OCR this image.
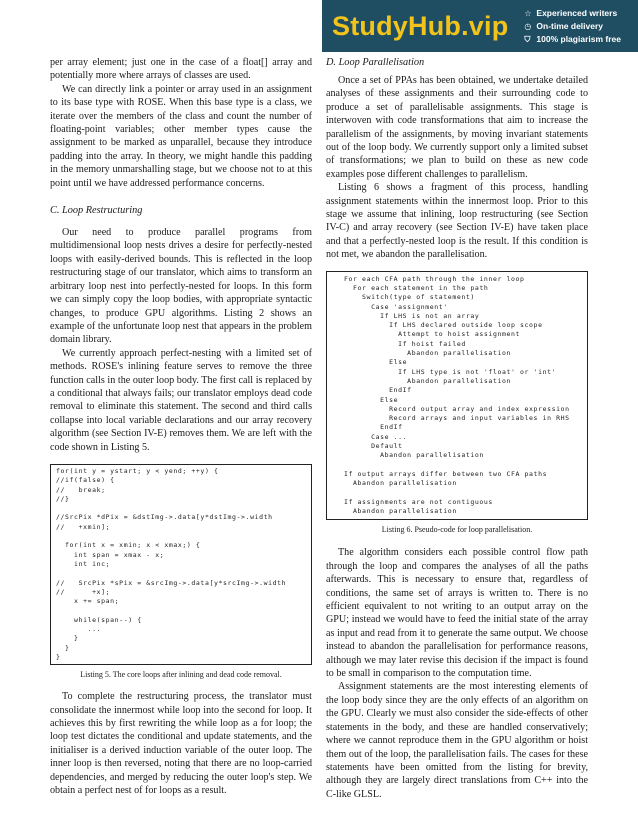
StudyHub.vip ☆ Experienced writers
◷ On-time delivery
⛉ 100% plagiarism free

per array element; just one in the case of a float[] array and potentially more where arrays of classes are used.

We can directly link a pointer or array used in an assignment to its base type with ROSE. When this base type is a class, we iterate over the members of the class and count the number of floating-point variables; other member types cause the assignment to be marked as unparallel, because they introduce padding into the array. In theory, we might handle this padding in the memory unmarshalling stage, but we choose not to at this point until we have addressed performance concerns.

C. Loop Restructuring

Our need to produce parallel programs from multidimensional loop nests drives a desire for perfectly-nested loops with easily-derived bounds. This is reflected in the loop restructuring stage of our translator, which aims to transform an arbitrary loop nest into perfectly-nested for loops. In this form we can simply copy the loop bodies, with appropriate syntactic changes, to produce GPU algorithms. Listing 2 shows an example of the unfortunate loop nest that appears in the problem domain library.

We currently approach perfect-nesting with a limited set of methods. ROSE's inlining feature serves to remove the three function calls in the outer loop body. The first call is replaced by a conditional that always fails; our translator employs dead code removal to eliminate this statement. The second and third calls collapse into local variable declarations and our array recovery algorithm (see Section IV-E) removes them. We are left with the code shown in Listing 5.

for(int y = ystart; y < yend; ++y) {
//if(false) {
//   break;
//}
//SrcPix *dPix = &dstImg->.data[y*dstImg->.width
//   +xmin];
for(int x = xmin; x < xmax;) {
int span = xmax - x;
int inc;
//   SrcPix *sPix = &srcImg->.data[y*srcImg->.width
//      +x];
x += span;
while(span--) {
...
}
}
}

Listing 5. The core loops after inlining and dead code removal.

To complete the restructuring process, the translator must consolidate the innermost while loop into the second for loop. It achieves this by first rewriting the while loop as a for loop; the loop test dictates the conditional and update statements, and the initialiser is a derived induction variable of the outer loop. The inner loop is then reversed, noting that there are no loop-carried dependencies, and merged by reducing the outer loop's step. We obtain a perfect nest of for loops as a result.

D. Loop Parallelisation

Once a set of PPAs has been obtained, we undertake detailed analyses of these assignments and their surrounding code to produce a set of parallelisable assignments. This stage is interwoven with code transformations that aim to increase the parallelism of the assignments, by moving invariant statements out of the loop body. We currently support only a limited subset of transformations; we plan to build on these as new code examples pose different challenges to parallelism.

Listing 6 shows a fragment of this process, handling assignment statements within the innermost loop. Prior to this stage we assume that inlining, loop restructuring (see Section IV-C) and array recovery (see Section IV-E) have taken place and that a perfectly-nested loop is the result. If this condition is not met, we abandon the parallelisation.

For each CFA path through the inner loop
For each statement in the path
Switch(type of statement)
Case 'assignment'
If LHS is not an array
If LHS declared outside loop scope
Attempt to hoist assignment
If hoist failed
Abandon parallelisation
Else
If LHS type is not 'float' or 'int'
Abandon parallelisation
EndIf
Else
Record output array and index expression
Record arrays and input variables in RHS
EndIf
Case ...
Default
Abandon parallelisation
If output arrays differ between two CFA paths
Abandon parallelisation
If assignments are not contiguous
Abandon parallelisation

Listing 6. Pseudo-code for loop parallelisation.

The algorithm considers each possible control flow path through the loop and compares the analyses of all the paths afterwards. This is necessary to ensure that, regardless of conditions, the same set of arrays is written to. There is no efficient equivalent to not writing to an output array on the GPU; instead we would have to feed the initial state of the array as input and read from it to generate the same output. We choose instead to abandon the parallelisation for performance reasons, although we may later revise this decision if the impact is found to be small in comparison to the computation time.

Assignment statements are the most interesting elements of the loop body since they are the only effects of an algorithm on the GPU. Clearly we must also consider the side-effects of other statements in the body, and these are handled conservatively; where we cannot reproduce them in the GPU algorithm or hoist them out of the loop, the parallelisation fails. The cases for these statements have been omitted from the listing for brevity, although they are largely direct translations from C++ into the C-like GLSL.
